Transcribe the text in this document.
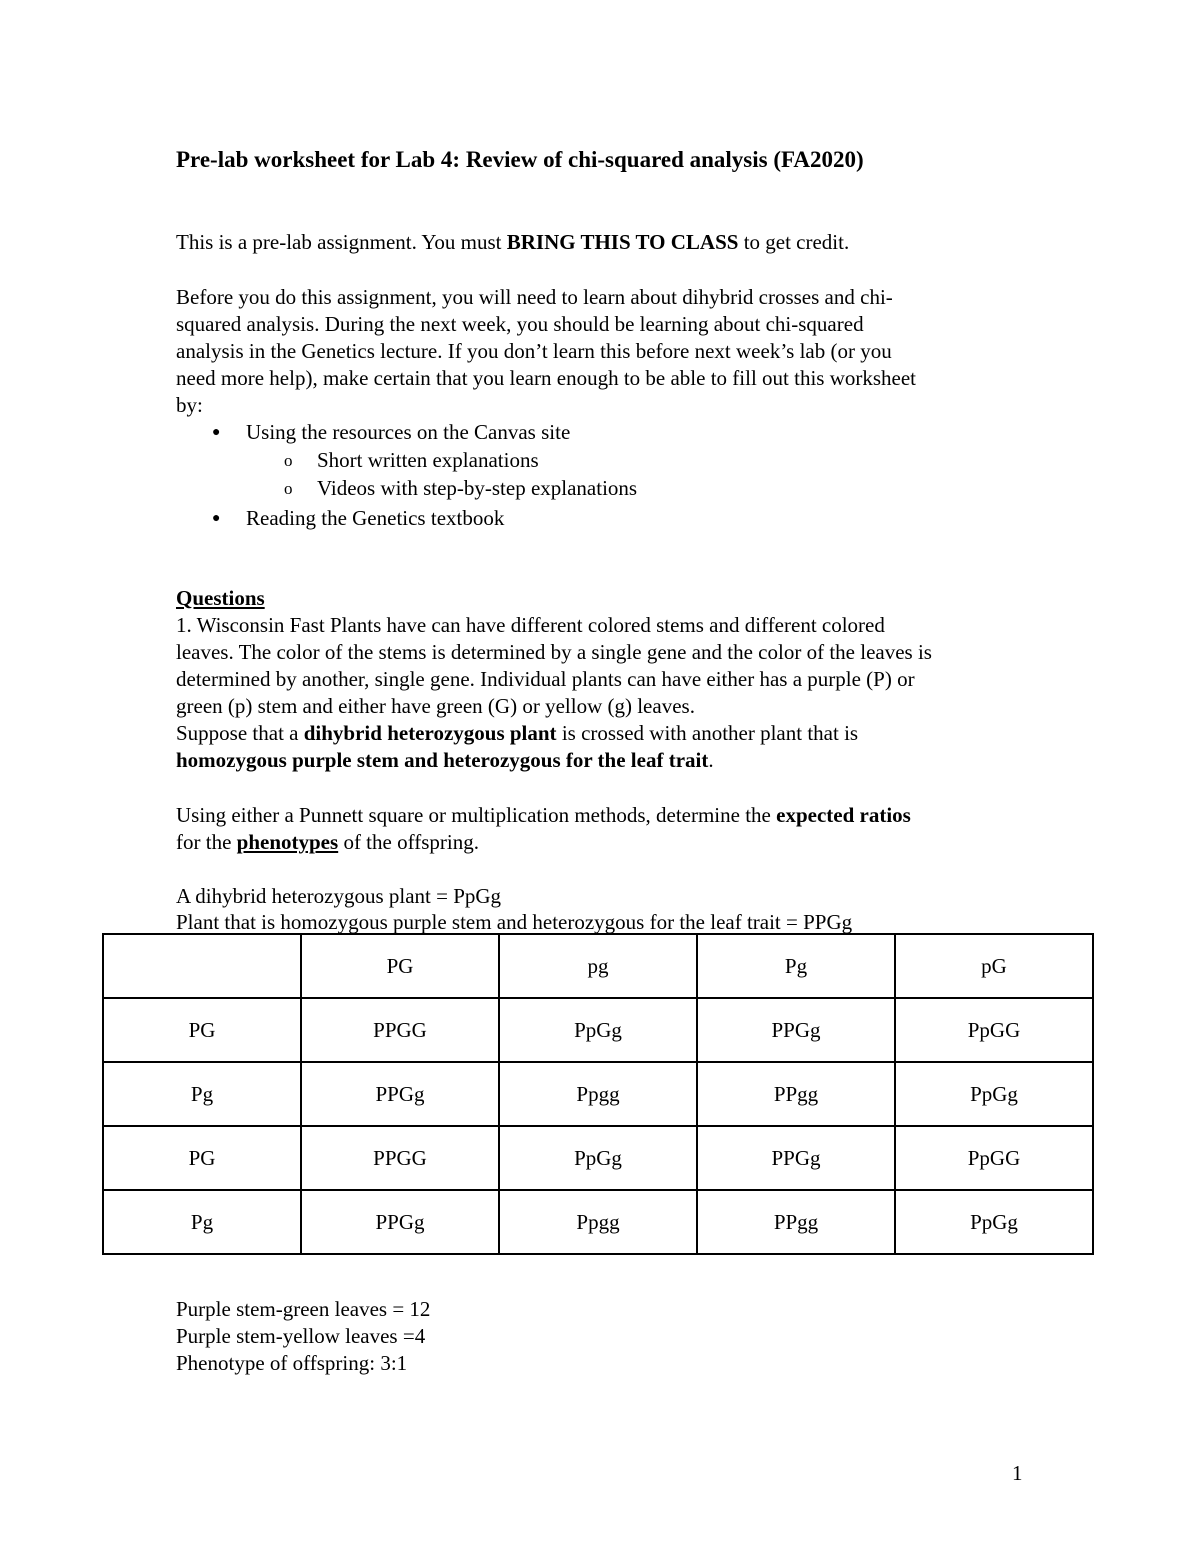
Pre-lab worksheet for Lab 4: Review of chi-squared analysis (FA2020)
This is a pre-lab assignment. You must BRING THIS TO CLASS to get credit.
Before you do this assignment, you will need to learn about dihybrid crosses and chi-
squared analysis. During the next week, you should be learning about chi-squared
analysis in the Genetics lecture. If you don’t learn this before next week’s lab (or you
need more help), make certain that you learn enough to be able to fill out this worksheet
by:
● Using the resources on the Canvas site
o Short written explanations
o Videos with step-by-step explanations
● Reading the Genetics textbook
Questions
1. Wisconsin Fast Plants have can have different colored stems and different colored
leaves. The color of the stems is determined by a single gene and the color of the leaves is
determined by another, single gene. Individual plants can have either has a purple (P) or
green (p) stem and either have green (G) or yellow (g) leaves.
Suppose that a dihybrid heterozygous plant is crossed with another plant that is
homozygous purple stem and heterozygous for the leaf trait.
Using either a Punnett square or multiplication methods, determine the expected ratios
for the phenotypes of the offspring.
A dihybrid heterozygous plant = PpGg
Plant that is homozygous purple stem and heterozygous for the leaf trait = PPGg
	PG	pg	Pg	pG
PG	PPGG	PpGg	PPGg	PpGG
Pg	PPGg	Ppgg	PPgg	PpGg
PG	PPGG	PpGg	PPGg	PpGG
Pg	PPGg	Ppgg	PPgg	PpGg
Purple stem-green leaves = 12
Purple stem-yellow leaves =4
Phenotype of offspring: 3:1
1
